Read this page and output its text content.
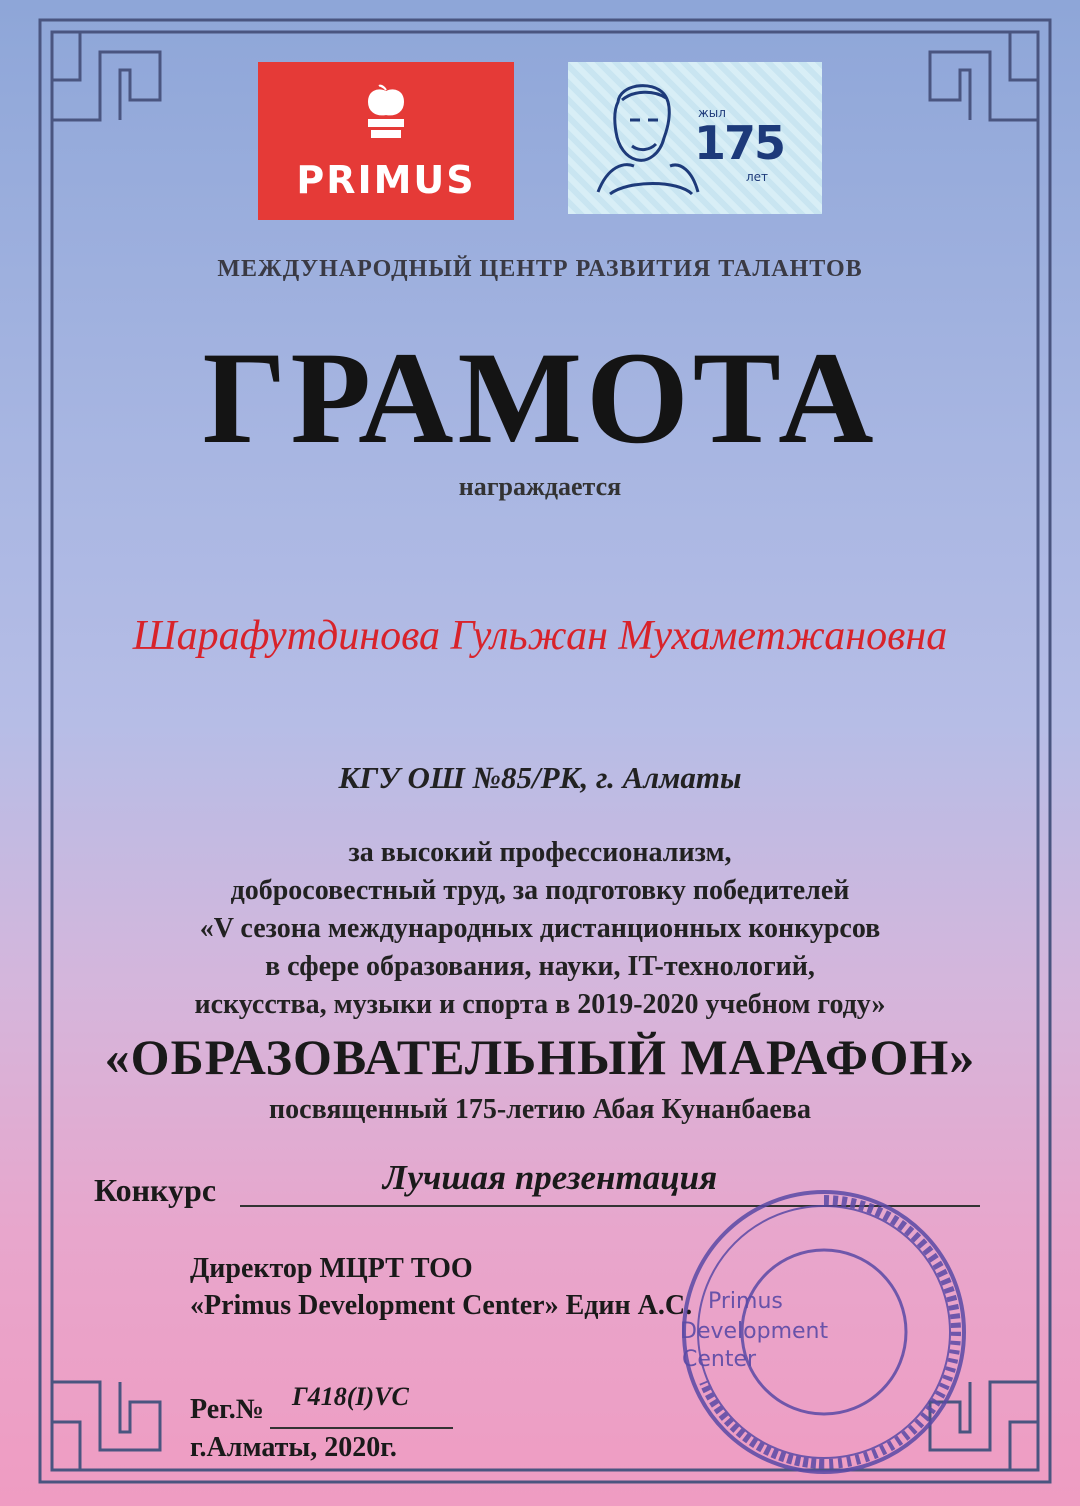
PRIMUS
жыл
175
лет
МЕЖДУНАРОДНЫЙ ЦЕНТР РАЗВИТИЯ ТАЛАНТОВ
ГРАМОТА
награждается
Шарафутдинова Гульжан Мухаметжановна
КГУ ОШ №85/РК, г. Алматы
за высокий профессионализм,
добросовестный труд, за подготовку победителей
«V сезона международных дистанционных конкурсов
в сфере образования, науки, IT-технологий,
искусства, музыки и спорта в 2019-2020 учебном году»
«ОБРАЗОВАТЕЛЬНЫЙ МАРАФОН»
посвященный 175-летию Абая Кунанбаева
Конкурс	Лучшая презентация
Директор МЦРТ ТОО
«Primus Development Center» Един А.С.
Рег.№ Г418(I)VC
г.Алматы, 2020г.
Primus
Development
Center
